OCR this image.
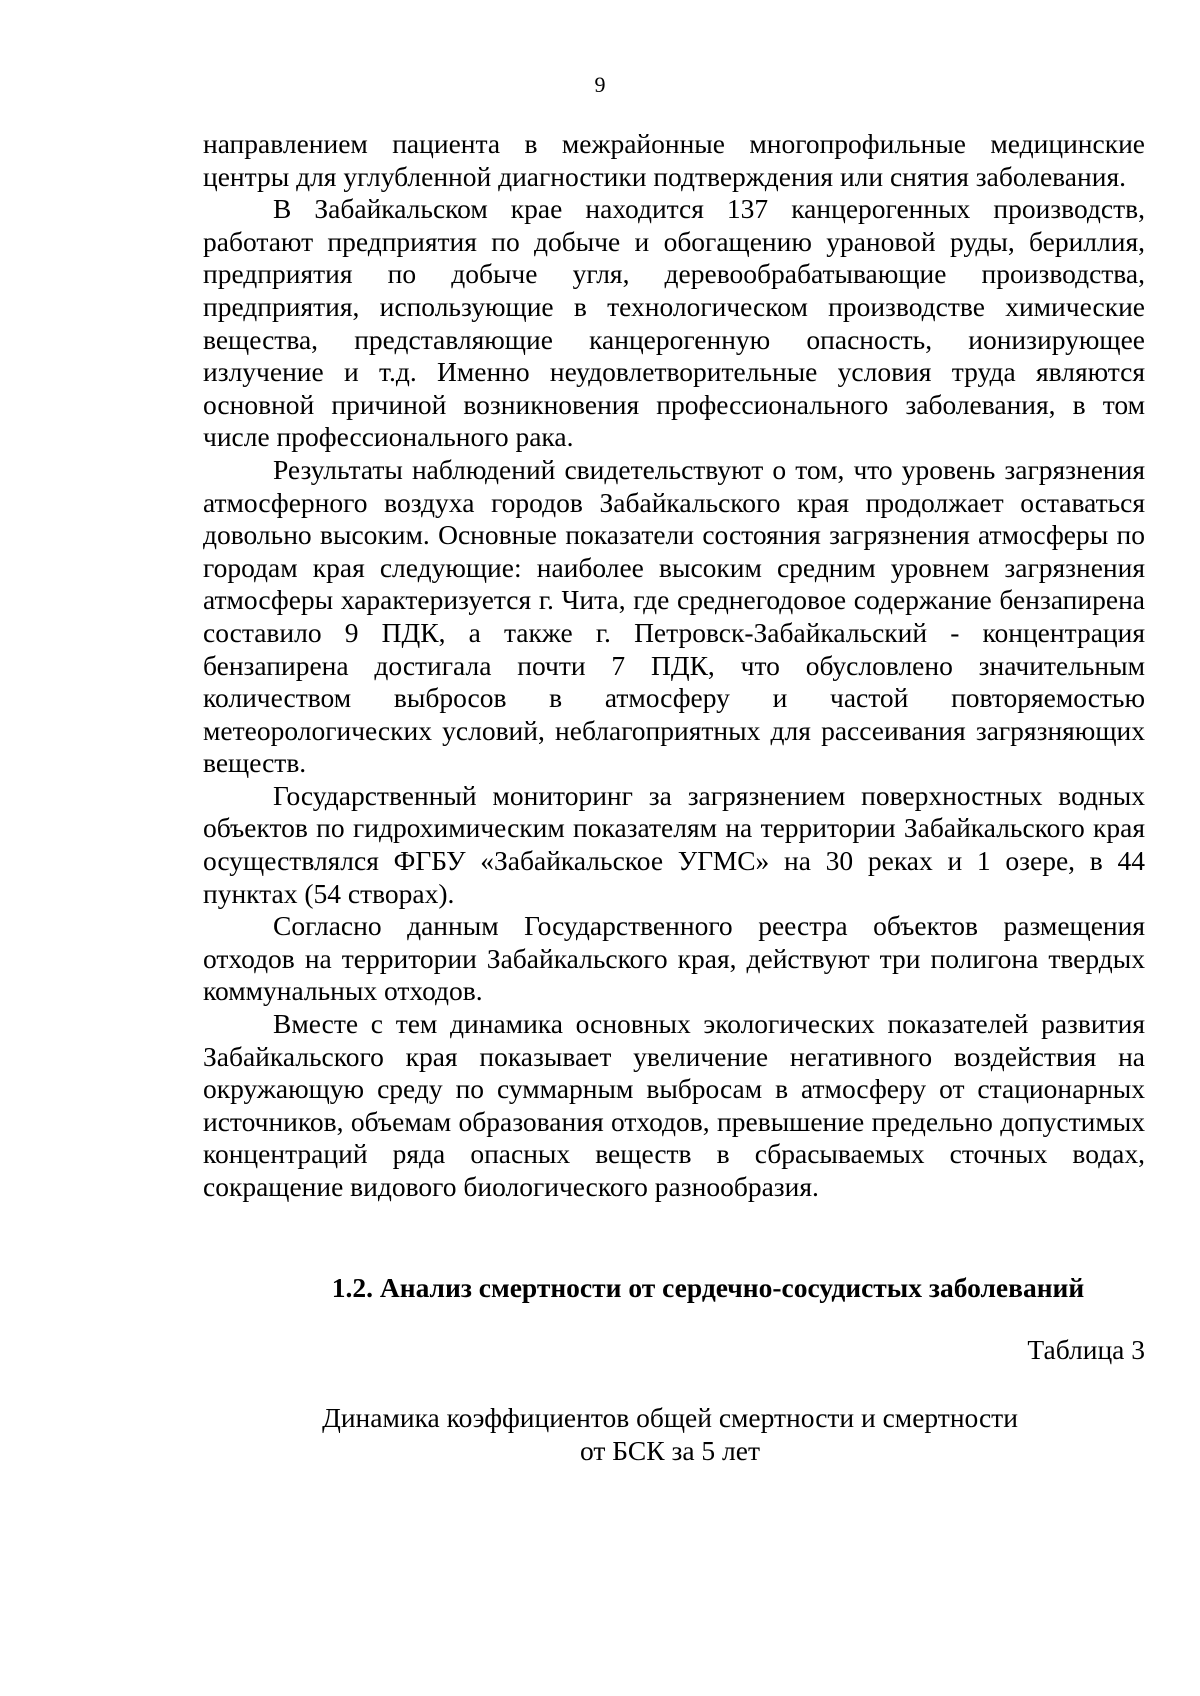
9

направлением пациента в межрайонные многопрофильные медицинские центры для углубленной диагностики подтверждения или снятия заболевания.

В Забайкальском крае находится 137 канцерогенных производств, работают предприятия по добыче и обогащению урановой руды, бериллия, предприятия по добыче угля, деревообрабатывающие производства, предприятия, использующие в технологическом производстве химические вещества, представляющие канцерогенную опасность, ионизирующее излучение и т.д. Именно неудовлетворительные условия труда являются основной причиной возникновения профессионального заболевания, в том числе профессионального рака.

Результаты наблюдений свидетельствуют о том, что уровень загрязнения атмосферного воздуха городов Забайкальского края продолжает оставаться довольно высоким. Основные показатели состояния загрязнения атмосферы по городам края следующие: наиболее высоким средним уровнем загрязнения атмосферы характеризуется г. Чита, где среднегодовое содержание бензапирена составило 9 ПДК, а также г. Петровск-Забайкальский - концентрация бензапирена достигала почти 7 ПДК, что обусловлено значительным количеством выбросов в атмосферу и частой повторяемостью метеорологических условий, неблагоприятных для рассеивания загрязняющих веществ.

Государственный мониторинг за загрязнением поверхностных водных объектов по гидрохимическим показателям на территории Забайкальского края осуществлялся ФГБУ «Забайкальское УГМС» на 30 реках и 1 озере, в 44 пунктах (54 створах).

Согласно данным Государственного реестра объектов размещения отходов на территории Забайкальского края, действуют три полигона твердых коммунальных отходов.

Вместе с тем динамика основных экологических показателей развития Забайкальского края показывает увеличение негативного воздействия на окружающую среду по суммарным выбросам в атмосферу от стационарных источников, объемам образования отходов, превышение предельно допустимых концентраций ряда опасных веществ в сбрасываемых сточных водах, сокращение видового биологического разнообразия.

1.2. Анализ смертности от сердечно-сосудистых заболеваний
Таблица 3
Динамика коэффициентов общей смертности и смертности
от БСК за 5 лет
